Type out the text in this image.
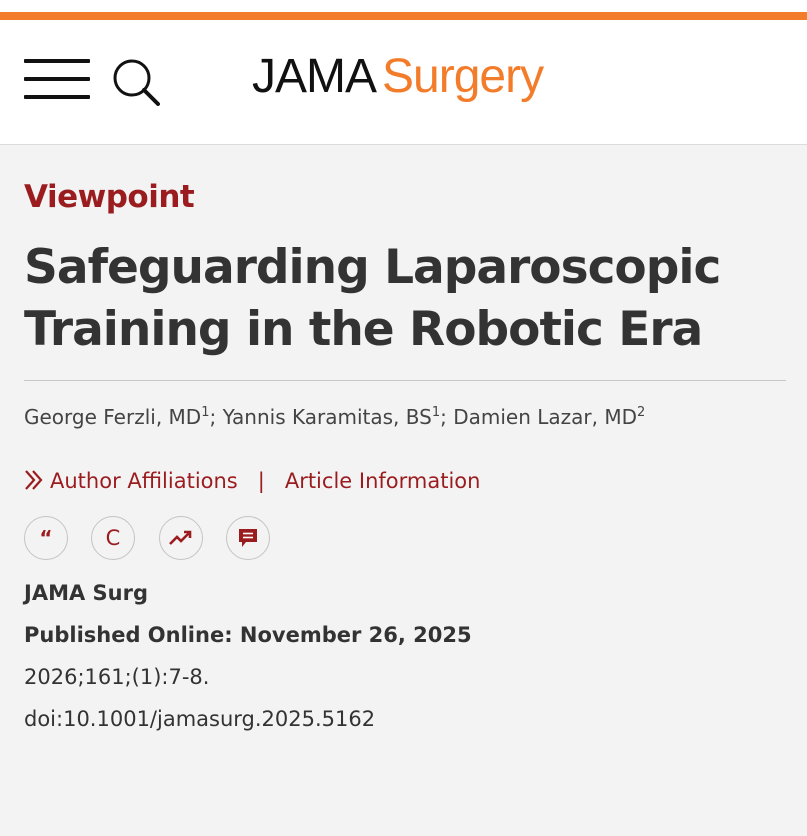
JAMA Surgery
Viewpoint
Safeguarding Laparoscopic Training in the Robotic Era
George Ferzli, $MD^1$; Yannis Karamitas, $BS^1$; Damien Lazar, $MD^2$
Author Affiliations | Article Information
“	C
JAMA Surg
Published Online: November 26, 2025
2026;161;(1):7-8.
doi:10.1001/jamasurg.2025.5162
